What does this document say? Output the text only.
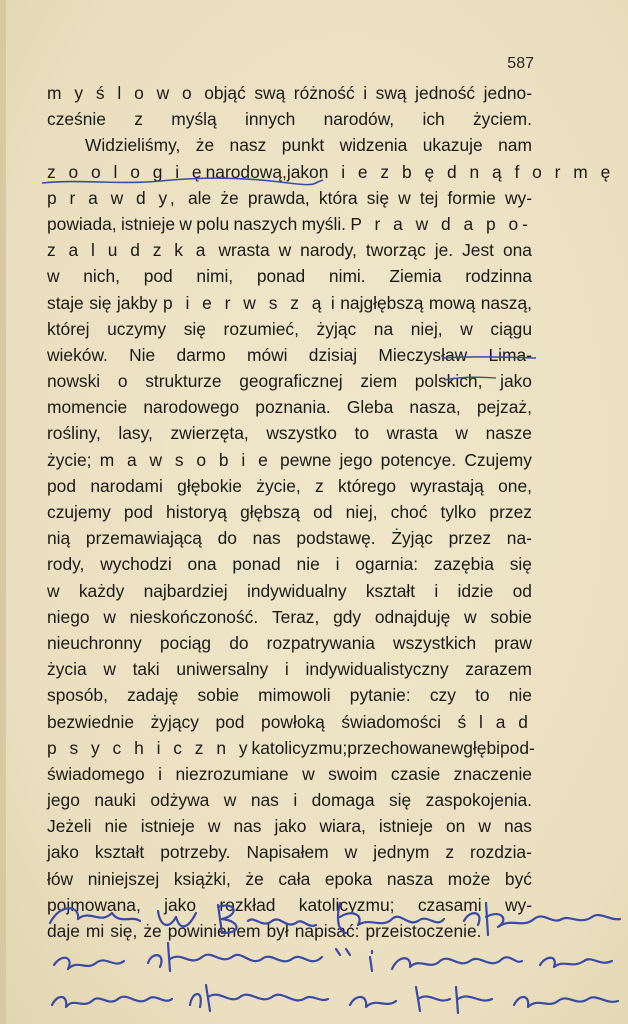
587
m y ś l o w o objąć swą różność i swą jedność jedno-
cześnie z myślą innych narodów, ich życiem.
Widzieliśmy, że nasz punkt widzenia ukazuje nam
z o o l o g i ę narodową, jako n i e z b ę d n ą f o r m ę
p r a w d y, ale że prawda, która się w tej formie wy-
powiada, istnieje w polu naszych myśli. P r a w d a p o-
z a l u d z k a wrasta w narody, tworząc je. Jest ona
w nich, pod nimi, ponad nimi. Ziemia rodzinna
staje się jakby p i e r w s z ą i najgłębszą mową naszą,
której uczymy się rozumieć, żyjąc na niej, w ciągu
wieków. Nie darmo mówi dzisiaj Mieczysław Lima-
nowski o strukturze geograficznej ziem polskich, jako
momencie narodowego poznania. Gleba nasza, pejzaż,
rośliny, lasy, zwierzęta, wszystko to wrasta w nasze
życie; m a w s o b i e pewne jego potencye. Czujemy
pod narodami głębokie życie, z którego wyrastają one,
czujemy pod historyą głębszą od niej, choć tylko przez
nią przemawiającą do nas podstawę. Żyjąc przez na-
rody, wychodzi ona ponad nie i ogarnia: zazębia się
w każdy najbardziej indywidualny kształt i idzie od
niego w nieskończoność. Teraz, gdy odnajduję w sobie
nieuchronny pociąg do rozpatrywania wszystkich praw
życia w taki uniwersalny i indywidualistyczny zarazem
sposób, zadaję sobie mimowoli pytanie: czy to nie
bezwiednie żyjący pod powłoką świadomości ś l a d
p s y c h i c z n y katolicyzmu; przechowane w głębi pod-
świadomego i niezrozumiane w swoim czasie znaczenie
jego nauki odżywa w nas i domaga się zaspokojenia.
Jeżeli nie istnieje w nas jako wiara, istnieje on w nas
jako kształt potrzeby. Napisałem w jednym z rozdzia-
łów niniejszej książki, że cała epoka nasza może być
pojmowana, jako rozkład katolicyzmu; czasami wy-
daje mi się, że powinienem był napisać: przeistoczenie.
